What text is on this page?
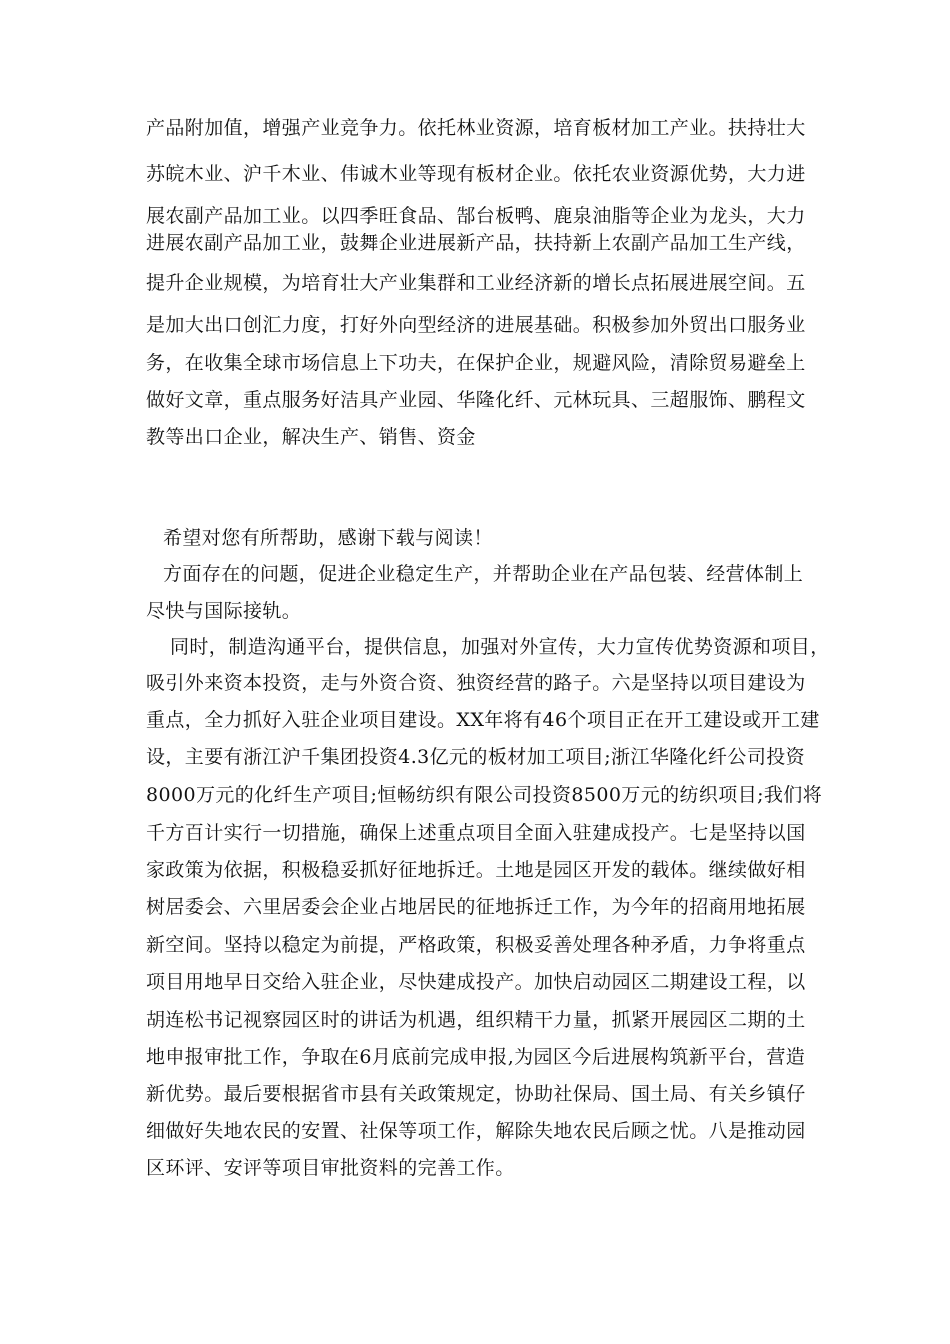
产品附加值，增强产业竞争力。依托林业资源，培育板材加工产业。扶持壮大
苏皖木业、沪千木业、伟诚木业等现有板材企业。依托农业资源优势，大力进
展农副产品加工业。以四季旺食品、郜台板鸭、鹿泉油脂等企业为龙头，大力
进展农副产品加工业，鼓舞企业进展新产品，扶持新上农副产品加工生产线，
提升企业规模，为培育壮大产业集群和工业经济新的增长点拓展进展空间。五
是加大出口创汇力度，打好外向型经济的进展基础。积极参加外贸出口服务业
务，在收集全球市场信息上下功夫，在保护企业，规避风险，清除贸易避垒上
做好文章，重点服务好洁具产业园、华隆化纤、元林玩具、三超服饰、鹏程文
教等出口企业，解决生产、销售、资金
希望对您有所帮助，感谢下载与阅读！
方面存在的问题，促进企业稳定生产，并帮助企业在产品包装、经营体制上
尽快与国际接轨。
同时，制造沟通平台，提供信息，加强对外宣传，大力宣传优势资源和项目，
吸引外来资本投资，走与外资合资、独资经营的路子。六是坚持以项目建设为
重点，全力抓好入驻企业项目建设。XX年将有46个项目正在开工建设或开工建
设，主要有浙江沪千集团投资4.3亿元的板材加工项目;浙江华隆化纤公司投资
8000万元的化纤生产项目;恒畅纺织有限公司投资8500万元的纺织项目;我们将
千方百计实行一切措施，确保上述重点项目全面入驻建成投产。七是坚持以国
家政策为依据，积极稳妥抓好征地拆迁。土地是园区开发的载体。继续做好相
树居委会、六里居委会企业占地居民的征地拆迁工作，为今年的招商用地拓展
新空间。坚持以稳定为前提，严格政策，积极妥善处理各种矛盾，力争将重点
项目用地早日交给入驻企业，尽快建成投产。加快启动园区二期建设工程，以
胡连松书记视察园区时的讲话为机遇，组织精干力量，抓紧开展园区二期的土
地申报审批工作，争取在6月底前完成申报,为园区今后进展构筑新平台，营造
新优势。最后要根据省市县有关政策规定，协助社保局、国土局、有关乡镇仔
细做好失地农民的安置、社保等项工作，解除失地农民后顾之忧。八是推动园
区环评、安评等项目审批资料的完善工作。
